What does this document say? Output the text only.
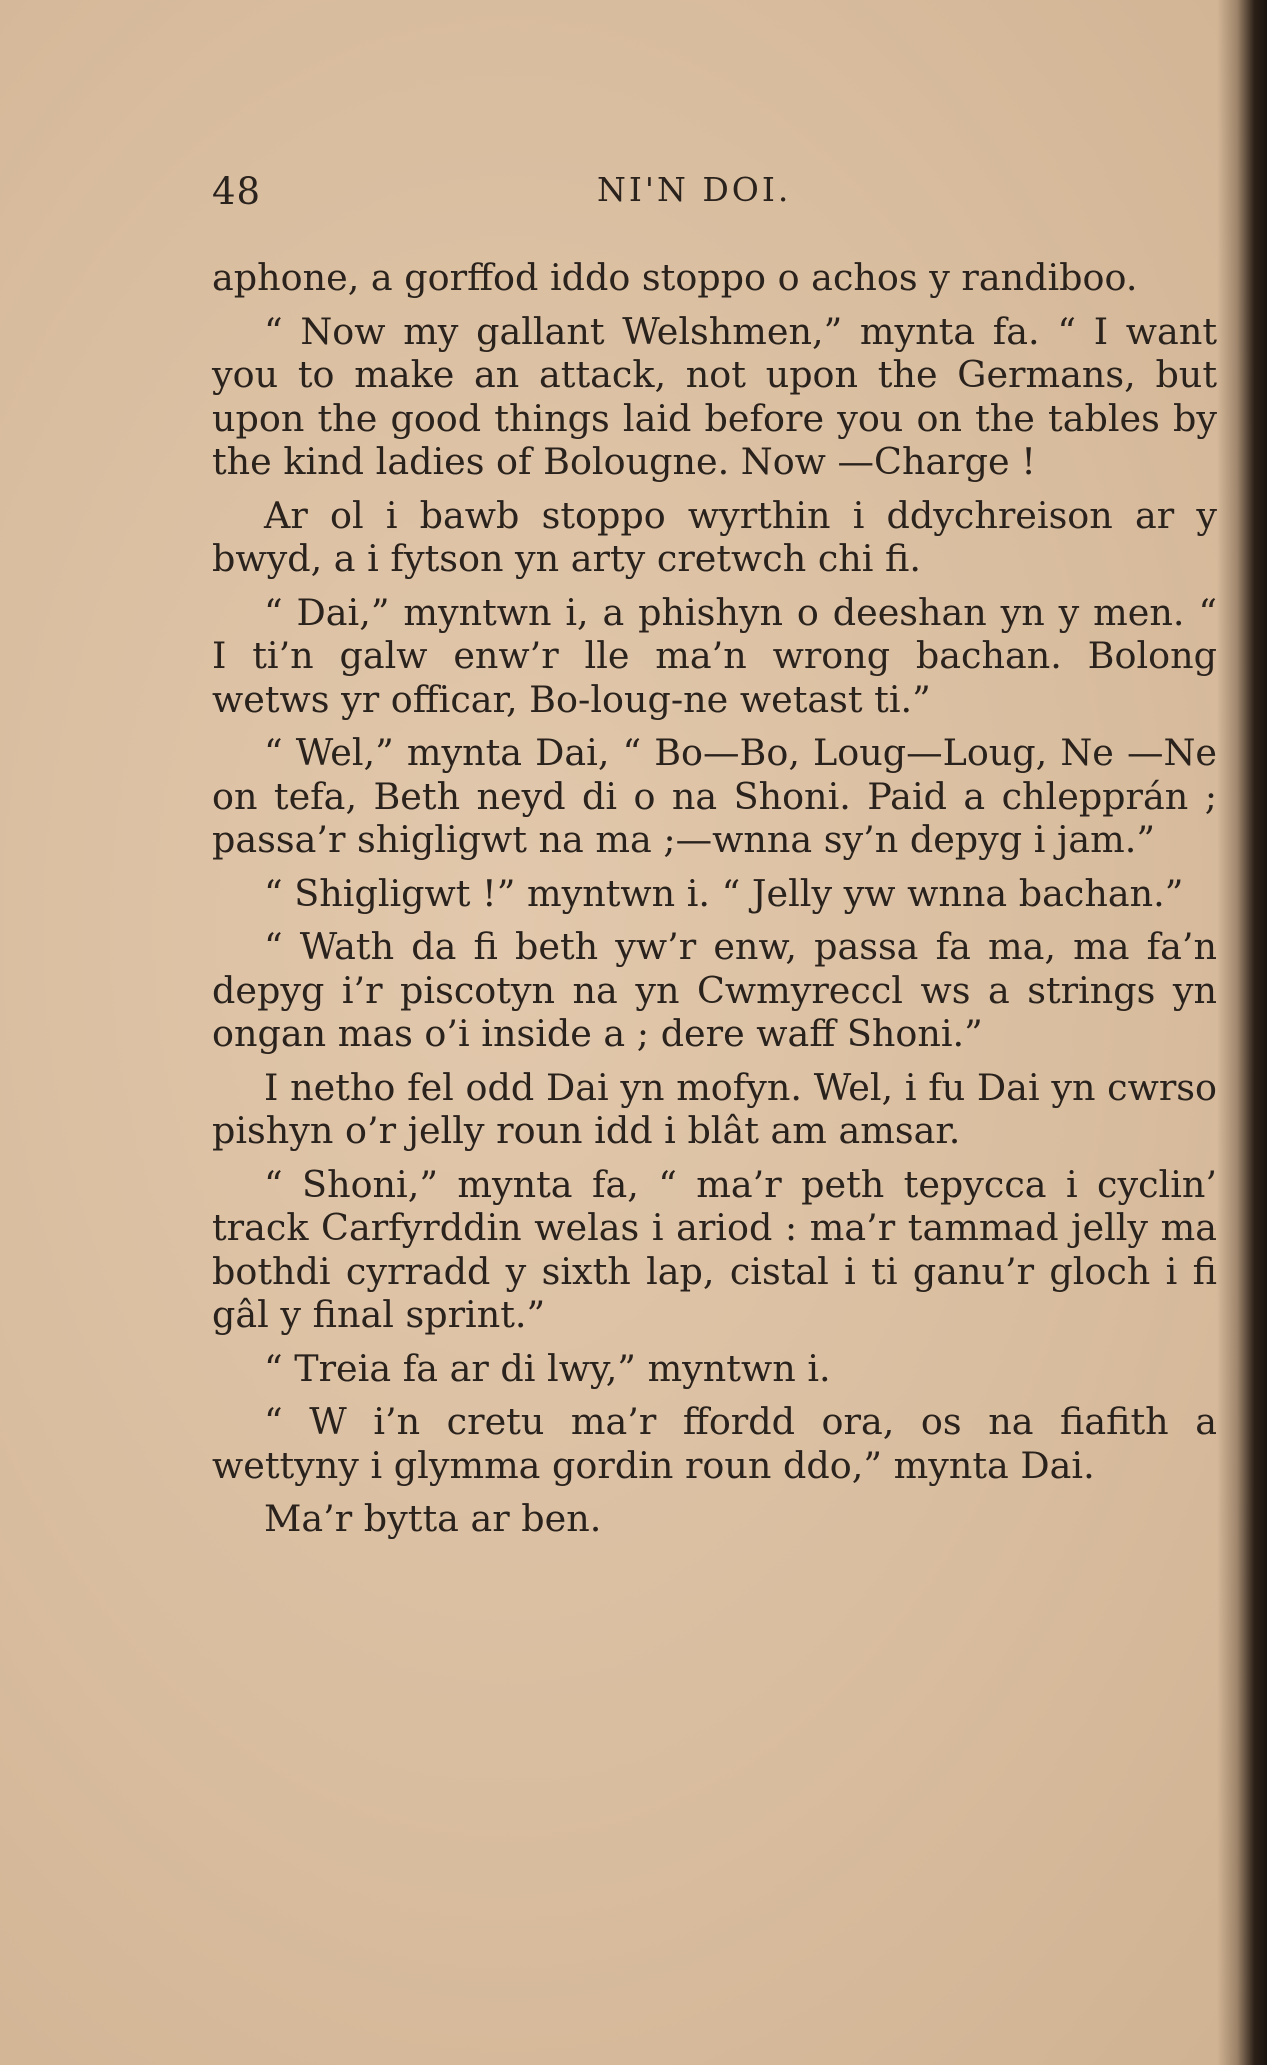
48	NI'N DOI.

aphone, a gorffod iddo stoppo o achos y randiboo.

“ Now my gallant Welshmen,” mynta fa. “ I want you to make an attack, not upon the Germans, but upon the good things laid before you on the tables by the kind ladies of Bolougne. Now —Charge !

Ar ol i bawb stoppo wyrthin i ddychreison ar y bwyd, a i fytson yn arty cretwch chi fi.

“ Dai,” myntwn i, a phishyn o deeshan yn y men. “ I ti’n galw enw’r lle ma’n wrong bachan. Bolong wetws yr officar, Bo-loug-ne wetast ti.”

“ Wel,” mynta Dai, “ Bo—Bo, Loug—Loug, Ne —Ne on tefa, Beth neyd di o na Shoni. Paid a chlepprán ; passa’r shigligwt na ma ;—wnna sy’n depyg i jam.”

“ Shigligwt !” myntwn i. “ Jelly yw wnna bachan.”

“ Wath da fi beth yw’r enw, passa fa ma, ma fa’n depyg i’r piscotyn na yn Cwmyreccl ws a strings yn ongan mas o’i inside a ; dere waff Shoni.”

I netho fel odd Dai yn mofyn. Wel, i fu Dai yn cwrso pishyn o’r jelly roun idd i blât am amsar.

“ Shoni,” mynta fa, “ ma’r peth tepycca i cyclin’ track Carfyrddin welas i ariod : ma’r tammad jelly ma bothdi cyrradd y sixth lap, cistal i ti ganu’r gloch i fi gâl y final sprint.”

“ Treia fa ar di lwy,” myntwn i.

“ W i’n cretu ma’r ffordd ora, os na fiafith a wettyny i glymma gordin roun ddo,” mynta Dai.

Ma’r bytta ar ben.
